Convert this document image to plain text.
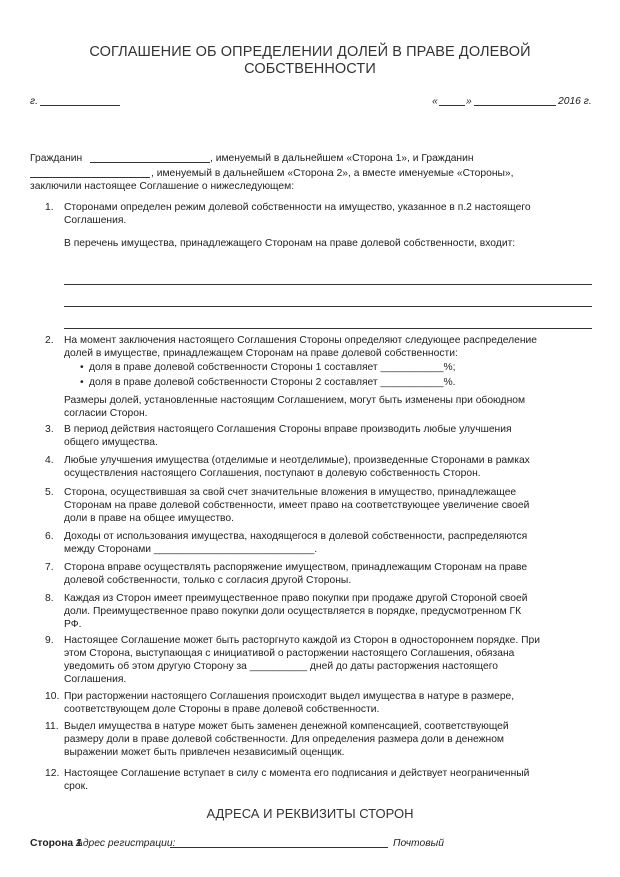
СОГЛАШЕНИЕ ОБ ОПРЕДЕЛЕНИИ ДОЛЕЙ В ПРАВЕ ДОЛЕВОЙ СОБСТВЕННОСТИ
г.	«	»	2016 г.
Гражданин	, именуемый в дальнейшем «Сторона 1», и Гражданин
, именуемый в дальнейшем «Сторона 2», а вместе именуемые «Стороны»,
заключили настоящее Соглашение о нижеследующем:
1.	Сторонами определен режим долевой собственности на имущество, указанное в п.2 настоящего
Соглашения.
В перечень имущества, принадлежащего Сторонам на праве долевой собственности, входит:
2.	На момент заключения настоящего Соглашения Стороны определяют следующее распределение
долей в имуществе, принадлежащем Сторонам на праве долевой собственности:
• доля в праве долевой собственности Стороны 1 составляет ___________%;
• доля в праве долевой собственности Стороны 2 составляет ___________%.
Размеры долей, установленные настоящим Соглашением, могут быть изменены при обоюдном
согласии Сторон.
3.	В период действия настоящего Соглашения Стороны вправе производить любые улучшения
общего имущества.
4.	Любые улучшения имущества (отделимые и неотделимые), произведенные Сторонами в рамках
осуществления настоящего Соглашения, поступают в долевую собственность Сторон.
5.	Сторона, осуществившая за свой счет значительные вложения в имущество, принадлежащее
Сторонам на праве долевой собственности, имеет право на соответствующее увеличение своей
доли в праве на общее имущество.
6.	Доходы от использования имущества, находящегося в долевой собственности, распределяются
между Сторонами ____________________________.
7.	Сторона вправе осуществлять распоряжение имуществом, принадлежащим Сторонам на праве
долевой собственности, только с согласия другой Стороны.
8.	Каждая из Сторон имеет преимущественное право покупки при продаже другой Стороной своей
доли. Преимущественное право покупки доли осуществляется в порядке, предусмотренном ГК
РФ.
9.	Настоящее Соглашение может быть расторгнуто каждой из Сторон в одностороннем порядке. При
этом Сторона, выступающая с инициативой о расторжении настоящего Соглашения, обязана
уведомить об этом другую Сторону за __________ дней до даты расторжения настоящего
Соглашения.
10. При расторжении настоящего Соглашения происходит выдел имущества в натуре в размере,
соответствующем доле Стороны в праве долевой собственности.
11. Выдел имущества в натуре может быть заменен денежной компенсацией, соответствующей
размеру доли в праве долевой собственности. Для определения размера доли в денежном
выражении может быть привлечен независимый оценщик.
12. Настоящее Соглашение вступает в силу с момента его подписания и действует неограниченный
срок.
АДРЕСА И РЕКВИЗИТЫ СТОРОН
Сторона 1
Адрес регистрации:	Почтовый
